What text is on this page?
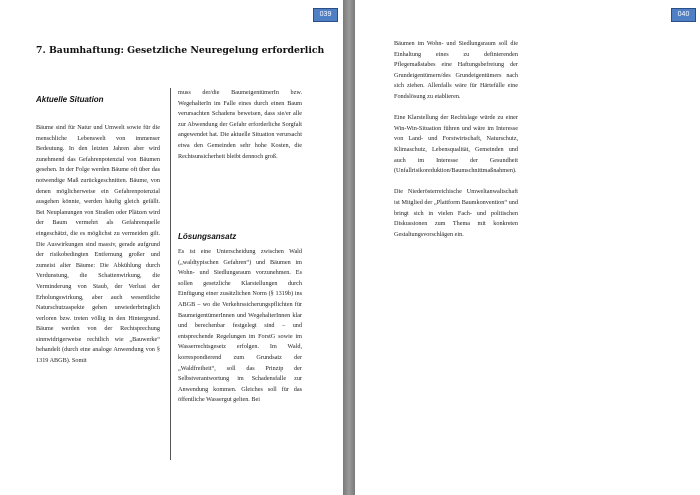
039
7. Baumhaftung: Gesetzliche Neuregelung erforderlich
Aktuelle Situation

Bäume sind für Natur und Umwelt sowie für die menschliche Lebenswelt von immenser Bedeutung. In den letzten Jahren aber wird zunehmend das Gefahrenpotenzial von Bäumen gesehen. In der Folge werden Bäume oft über das notwendige Maß zurückgeschnitten. Bäume, von denen möglicherweise ein Gefahrenpotenzial ausgehen könnte, werden häufig gleich gefällt. Bei Neuplanungen von Straßen oder Plätzen wird der Baum vermehrt als Gefahrenquelle eingeschätzt, die es möglichst zu vermeiden gilt. Die Auswirkungen sind massiv, gerade aufgrund der risikobedingten Entfernung großer und zumeist alter Bäume: Die Abkühlung durch Verdunstung, die Schattenwirkung, die Verminderung von Staub, der Verlust der Erholungswirkung, aber auch wesentliche Naturschutzaspekte gehen unwiederbringlich verloren bzw. treten völlig in den Hintergrund. Bäume werden von der Rechtsprechung sinnwidrigerweise rechtlich wie „Bauwerke“ behandelt (durch eine analoge Anwendung von § 1319 ABGB). Somit

muss der/die BaumeigentümerIn bzw. WegehalterIn im Falle eines durch einen Baum verursachten Schadens beweisen, dass sie/er alle zur Abwendung der Gefahr erforderliche Sorgfalt angewendet hat. Die aktuelle Situation verursacht etwa den Gemeinden sehr hohe Kosten, die Rechtsunsicherheit bleibt dennoch groß.

Lösungsansatz

Es ist eine Unterscheidung zwischen Wald („waldtypischen Gefahren“) und Bäumen im Wohn- und Siedlungsraum vorzunehmen. Es sollen gesetzliche Klarstellungen durch Einfügung einer zusätzlichen Norm (§ 1319b) ins ABGB – wo die Verkehrssicherungspflichten für BaumeigentümerInnen und WegehalterInnen klar und berechenbar festgelegt sind – und entsprechende Regelungen im ForstG sowie im Wasserrechtsgesetz erfolgen. Im Wald, korrespondierend zum Grundsatz der „Waldfreiheit“, soll das Prinzip der Selbstverantwortung im Schadensfalle zur Anwendung kommen. Gleiches soll für das öffentliche Wassergut gelten. Bei

040

Bäumen im Wohn- und Siedlungsraum soll die Einhaltung eines zu definierenden Pflegemaßstabes eine Haftungsbefreiung der Grundeigentümern/des Grundeigentümers nach sich ziehen. Allenfalls wäre für Härtefälle eine Fondslösung zu etablieren.

Eine Klarstellung der Rechtslage würde zu einer Win-Win-Situation führen und wäre im Interesse von Land- und Forstwirtschaft, Naturschutz, Klimaschutz, Lebensqualität, Gemeinden und auch im Interesse der Gesundheit (Unfallrisikoreduktion/Baumschnittmaßnahmen).

Die Niederösterreichische Umweltanwaltschaft ist Mitglied der „Plattform Baumkonvention“ und bringt sich in vielen Fach- und politischen Diskussionen zum Thema mit konkreten Gestaltungsvorschlägen ein.
